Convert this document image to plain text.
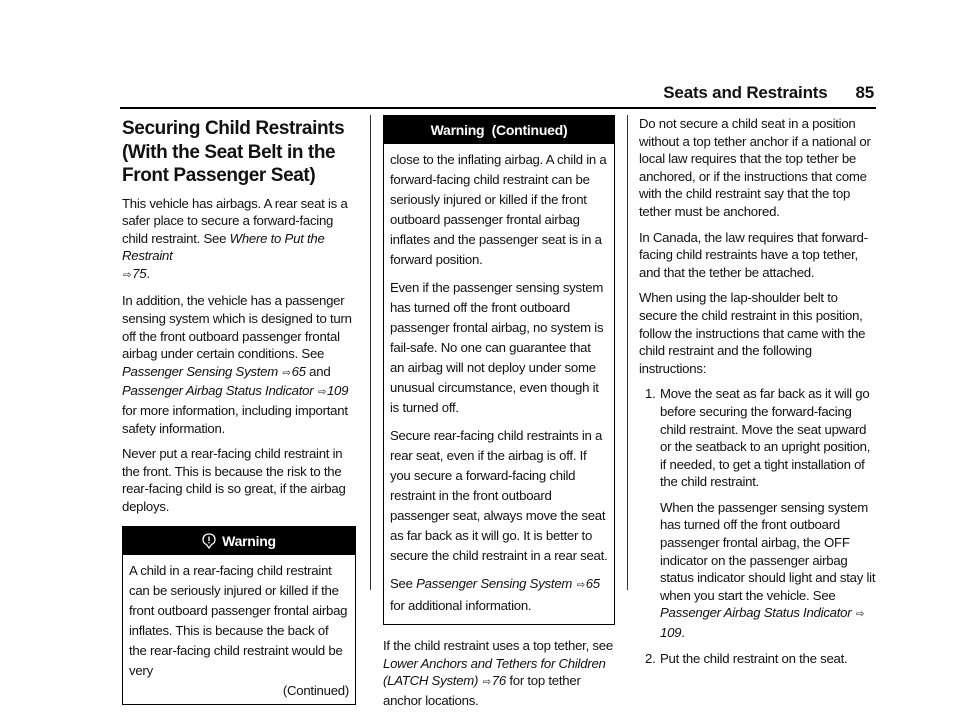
Seats and Restraints 85
Securing Child Restraints (With the Seat Belt in the Front Passenger Seat)

This vehicle has airbags. A rear seat is a safer place to secure a forward-facing child restraint. See Where to Put the Restraint
⇨75.

In addition, the vehicle has a passenger sensing system which is designed to turn off the front outboard passenger frontal airbag under certain conditions. See Passenger Sensing System ⇨65 and Passenger Airbag Status Indicator ⇨109 for more information, including important safety information.

Never put a rear-facing child restraint in the front. This is because the risk to the rear-facing child is so great, if the airbag deploys.

Warning
A child in a rear-facing child restraint can be seriously injured or killed if the front outboard passenger frontal airbag inflates. This is because the back of the rear-facing child restraint would be very
(Continued)
Warning  (Continued)

close to the inflating airbag. A child in a forward-facing child restraint can be seriously injured or killed if the front outboard passenger frontal airbag inflates and the passenger seat is in a forward position.

Even if the passenger sensing system has turned off the front outboard passenger frontal airbag, no system is fail-safe. No one can guarantee that an airbag will not deploy under some unusual circumstance, even though it is turned off.

Secure rear-facing child restraints in a rear seat, even if the airbag is off. If you secure a forward-facing child restraint in the front outboard passenger seat, always move the seat as far back as it will go. It is better to secure the child restraint in a rear seat.

See Passenger Sensing System ⇨65 for additional information.

If the child restraint uses a top tether, see Lower Anchors and Tethers for Children (LATCH System) ⇨76 for top tether anchor locations.

Do not secure a child seat in a position without a top tether anchor if a national or local law requires that the top tether be anchored, or if the instructions that come with the child restraint say that the top tether must be anchored.

In Canada, the law requires that forward-facing child restraints have a top tether, and that the tether be attached.

When using the lap-shoulder belt to secure the child restraint in this position, follow the instructions that came with the child restraint and the following instructions:

1. Move the seat as far back as it will go before securing the forward-facing child restraint. Move the seat upward or the seatback to an upright position, if needed, to get a tight installation of the child restraint.

When the passenger sensing system has turned off the front outboard passenger frontal airbag, the OFF indicator on the passenger airbag status indicator should light and stay lit when you start the vehicle. See Passenger Airbag Status Indicator ⇨109.

2. Put the child restraint on the seat.
